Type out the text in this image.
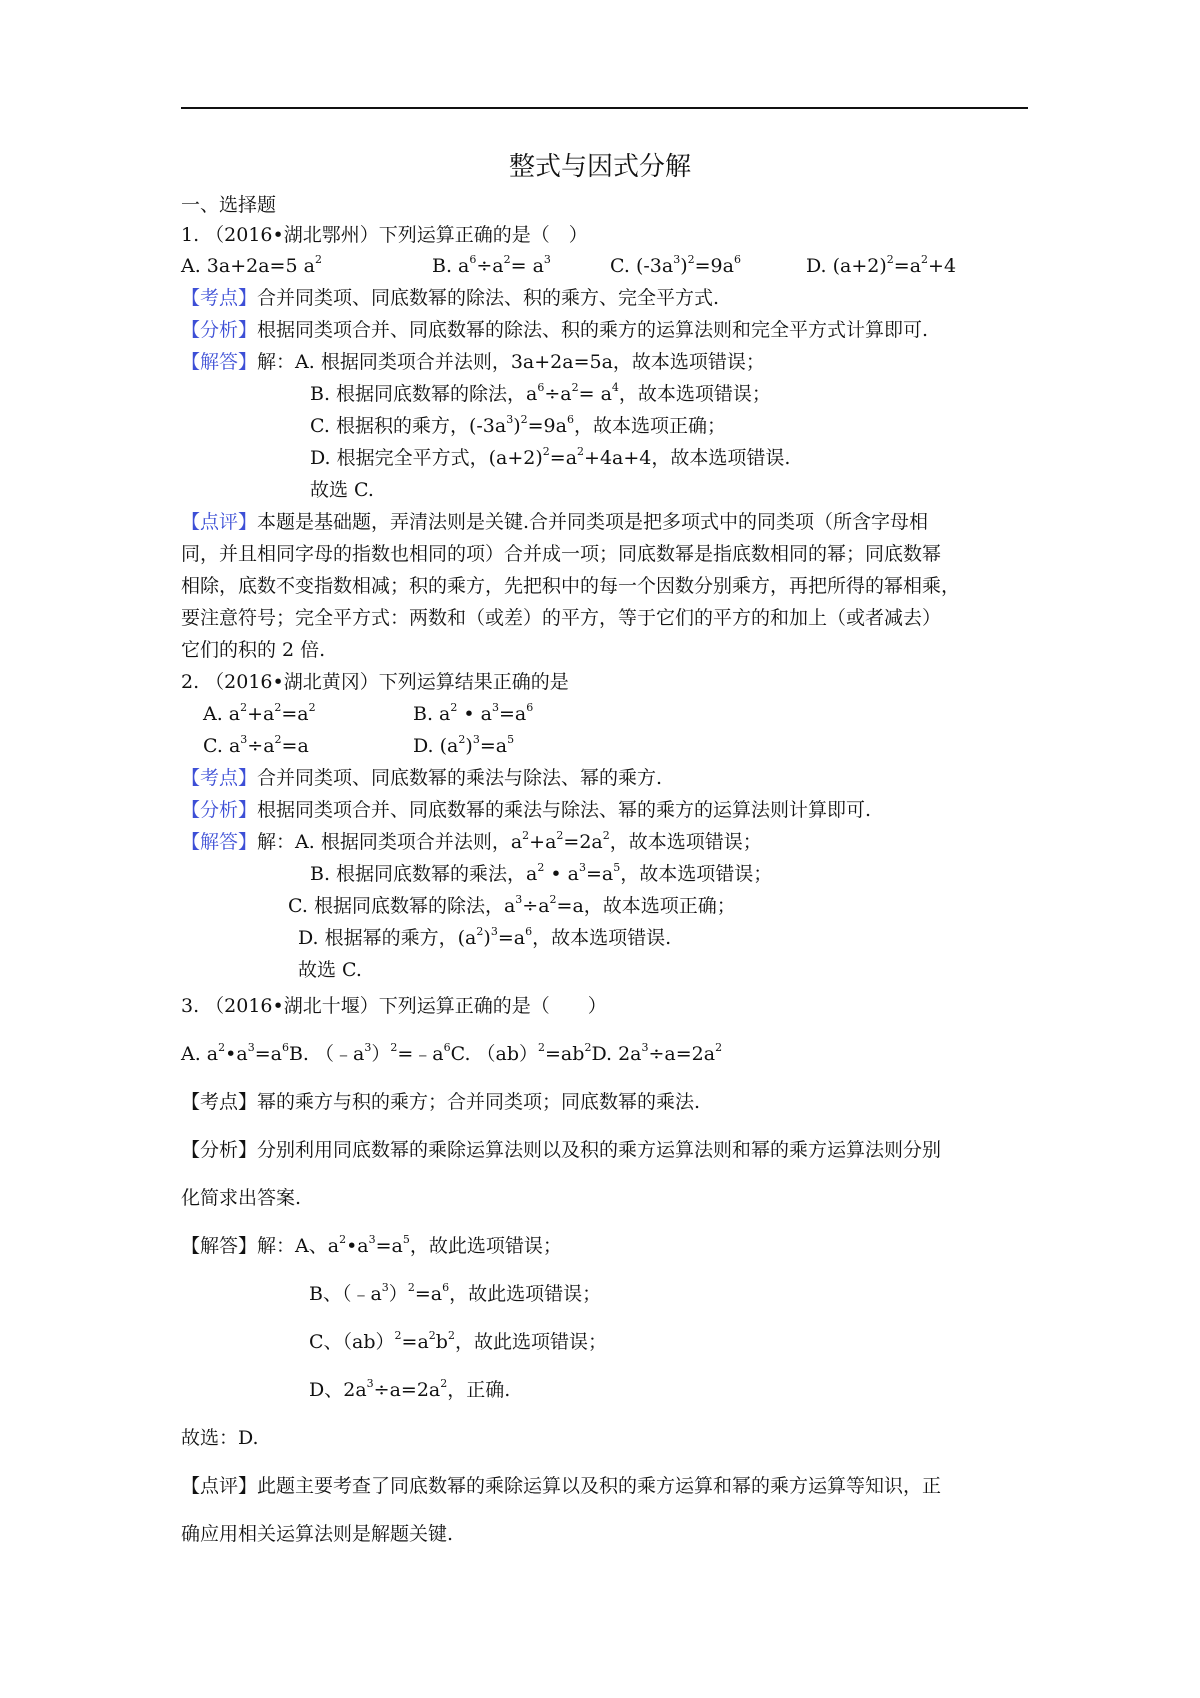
整式与因式分解
一、选择题
1. （2016•湖北鄂州）下列运算正确的是（　）
A. 3a+2a=5 $a^2$	B. $a^6\div a^2= a^3$	C. $(-3a^3)^2=9a^6$	D. $(a+2)^2=a^2+4$
【考点】合并同类项、同底数幂的除法、积的乘方、完全平方式.
【分析】根据同类项合并、同底数幂的除法、积的乘方的运算法则和完全平方式计算即可.
【解答】解：A. 根据同类项合并法则，3a+2a=5a，故本选项错误；
B. 根据同底数幂的除法，$a^6\div a^2= a^4$，故本选项错误；
C. 根据积的乘方，$(-3a^3)^2=9a^6$，故本选项正确；
D. 根据完全平方式，$(a+2)^2=a^2+4a+4$，故本选项错误.
故选 C.
【点评】本题是基础题，弄清法则是关键.合并同类项是把多项式中的同类项（所含字母相
同，并且相同字母的指数也相同的项）合并成一项；同底数幂是指底数相同的幂；同底数幂
相除，底数不变指数相减；积的乘方，先把积中的每一个因数分别乘方，再把所得的幂相乘，
要注意符号；完全平方式：两数和（或差）的平方，等于它们的平方的和加上（或者减去）
它们的积的 2 倍.
2. （2016•湖北黄冈）下列运算结果正确的是
A. $a^2+a^2=a^2$	B. $a^2$ • $a^3=a^6$
C. $a^3\div a^2=a$	D. $(a^2)^3=a^5$
【考点】合并同类项、同底数幂的乘法与除法、幂的乘方.
【分析】根据同类项合并、同底数幂的乘法与除法、幂的乘方的运算法则计算即可.
【解答】解：A. 根据同类项合并法则，$a^2+a^2=2a^2$，故本选项错误；
B. 根据同底数幂的乘法，$a^2$ • $a^3=a^5$，故本选项错误；
C. 根据同底数幂的除法，$a^3\div a^2=a$，故本选项正确；
D. 根据幂的乘方，$(a^2)^3=a^6$，故本选项错误.
故选 C.
3. （2016•湖北十堰）下列运算正确的是（　　）
A. $a^2•a^3=a^6B$. $(﹣a^3)^2=﹣a^6C$. $(ab)^2=ab^2D$. $2a^3\div a=2a^2$
【考点】幂的乘方与积的乘方；合并同类项；同底数幂的乘法.
【分析】分别利用同底数幂的乘除运算法则以及积的乘方运算法则和幂的乘方运算法则分别
化简求出答案.
【解答】解：A、$a^2•a^3=a^5$，故此选项错误；
B、$(﹣a^3)^2=a^6$，故此选项错误；
C、$(ab)^2=a^2b^2$，故此选项错误；
D、$2a^3\div a=2a^2$，正确.
故选：D.
【点评】此题主要考查了同底数幂的乘除运算以及积的乘方运算和幂的乘方运算等知识，正
确应用相关运算法则是解题关键.
